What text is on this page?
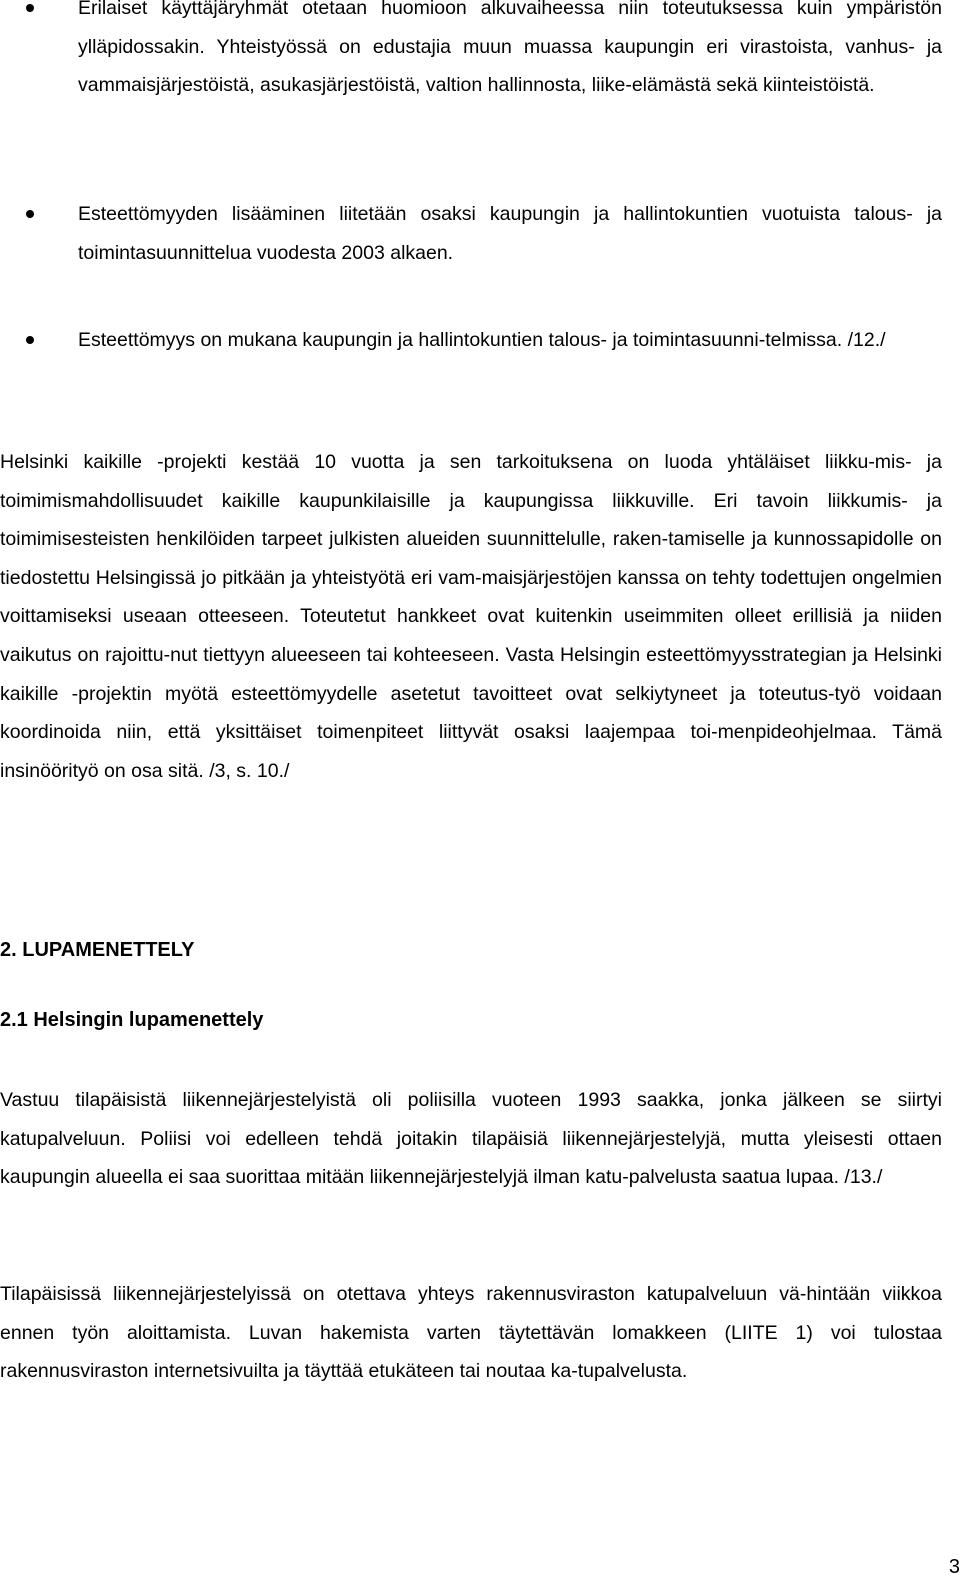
Erilaiset käyttäjäryhmät otetaan huomioon alkuvaiheessa niin toteutuksessa kuin ympäristön ylläpidossakin. Yhteistyössä on edustajia muun muassa kaupungin eri virastoista, vanhus- ja vammaisjärjestöistä, asukasjärjestöistä, valtion hallinnosta, liike-elämästä sekä kiinteistöistä.
Esteettömyyden lisääminen liitetään osaksi kaupungin ja hallintokuntien vuotuista talous- ja toimintasuunnittelua vuodesta 2003 alkaen.
Esteettömyys on mukana kaupungin ja hallintokuntien talous- ja toimintasuunni-telmissa. /12./

Helsinki kaikille -projekti kestää 10 vuotta ja sen tarkoituksena on luoda yhtäläiset liikku-mis- ja toimimismahdollisuudet kaikille kaupunkilaisille ja kaupungissa liikkuville. Eri tavoin liikkumis- ja toimimisesteisten henkilöiden tarpeet julkisten alueiden suunnittelulle, raken-tamiselle ja kunnossapidolle on tiedostettu Helsingissä jo pitkään ja yhteistyötä eri vam-maisjärjestöjen kanssa on tehty todettujen ongelmien voittamiseksi useaan otteeseen. Toteutetut hankkeet ovat kuitenkin useimmiten olleet erillisiä ja niiden vaikutus on rajoittu-nut tiettyyn alueeseen tai kohteeseen. Vasta Helsingin esteettömyysstrategian ja Helsinki kaikille -projektin myötä esteettömyydelle asetetut tavoitteet ovat selkiytyneet ja toteutus-työ voidaan koordinoida niin, että yksittäiset toimenpiteet liittyvät osaksi laajempaa toi-menpideohjelmaa. Tämä insinöörityö on osa sitä. /3, s. 10./

2. LUPAMENETTELY
2.1 Helsingin lupamenettely

Vastuu tilapäisistä liikennejärjestelyistä oli poliisilla vuoteen 1993 saakka, jonka jälkeen se siirtyi katupalveluun. Poliisi voi edelleen tehdä joitakin tilapäisiä liikennejärjestelyjä, mutta yleisesti ottaen kaupungin alueella ei saa suorittaa mitään liikennejärjestelyjä ilman katu-palvelusta saatua lupaa. /13./

Tilapäisissä liikennejärjestelyissä on otettava yhteys rakennusviraston katupalveluun vä-hintään viikkoa ennen työn aloittamista. Luvan hakemista varten täytettävän lomakkeen (LIITE 1) voi tulostaa rakennusviraston internetsivuilta ja täyttää etukäteen tai noutaa ka-tupalvelusta.

3
